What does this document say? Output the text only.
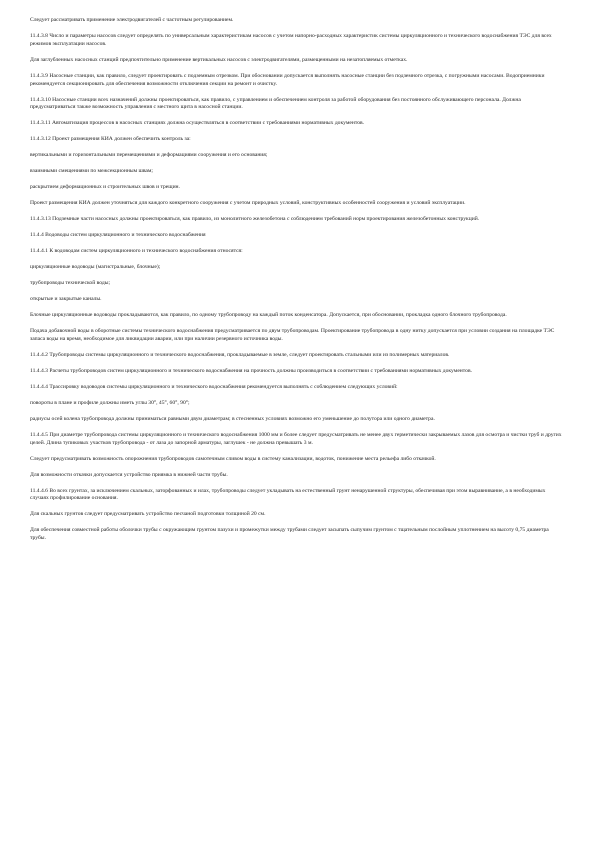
Следует рассматривать применение электродвигателей с частотным регулированием.

11.4.3.8 Число и параметры насосов следует определять по универсальным характеристикам насосов с учетом напорно-расходных характеристик системы циркуляционного и технического водоснабжения ТЭС для всех режимов эксплуатации насосов.

Для заглубленных насосных станций предпочтительно применение вертикальных насосов с электродвигателями, размещенными на незатопляемых отметках.

11.4.3.9 Насосные станции, как правило, следует проектировать с подземным отрезком. При обосновании допускается выполнять насосные станции без подземного отрезка, с погружными насосами. Водоприемники рекомендуется секционировать для обеспечения возможности отключения секции на ремонт и очистку.

11.4.3.10 Насосные станции всех назначений должны проектироваться, как правило, с управлением и обеспечением контроля за работой оборудования без постоянного обслуживающего персонала. Должна предусматриваться также возможность управления с местного щита в насосной станции.

11.4.3.11 Автоматизация процессов в насосных станциях должна осуществляться в соответствии с требованиями нормативных документов.

11.4.3.12 Проект размещения КИА должен обеспечить контроль за:

вертикальными и горизонтальными перемещениями и деформациями сооружения и его основания;

взаимными смещениями по межсекционным швам;

раскрытием деформационных и строительных швов и трещин.

Проект размещения КИА должен уточняться для каждого конкретного сооружения с учетом природных условий, конструктивных особенностей сооружения и условий эксплуатации.

11.4.3.13 Подземные части насосных должны проектироваться, как правило, из монолитного железобетона с соблюдением требований норм проектирования железобетонных конструкций.

11.4.4 Водоводы систем циркуляционного и технического водоснабжения

11.4.4.1 К водоводам систем циркуляционного и технического водоснабжения относятся:

циркуляционные водоводы (магистральные, блочные);

трубопроводы технической воды;

открытые и закрытые каналы.

Блочные циркуляционные водоводы прокладываются, как правило, по одному трубопроводу на каждый поток конденсатора. Допускается, при обосновании, прокладка одного блочного трубопровода.

Подача добавочной воды в оборотные системы технического водоснабжения предусматривается по двум трубопроводам. Проектирование трубопровода в одну нитку допускается при условии создания на площадке ТЭС запаса воды на время, необходимое для ликвидации аварии, или при наличии резервного источника воды.

11.4.4.2 Трубопроводы системы циркуляционного и технического водоснабжения, прокладываемые в земле, следует проектировать стальными или из полимерных материалов.

11.4.4.3 Расчеты трубопроводов систем циркуляционного и технического водоснабжения на прочность должны производиться в соответствии с требованиями нормативных документов.

11.4.4.4 Трассировку водоводов системы циркуляционного и технического водоснабжения рекомендуется выполнять с соблюдением следующих условий:

повороты в плане и профиле должны иметь углы 30°, 45°, 60°, 90°;

радиусы осей колена трубопровода должны приниматься равными двум диаметрам; в стесненных условиях возможно его уменьшение до полутора или одного диаметра.

11.4.4.5 При диаметре трубопровода системы циркуляционного и технического водоснабжения 1000 мм и более следует предусматривать не менее двух герметически закрываемых лазов для осмотра и чистки труб и других целей. Длина тупиковых участков трубопровода - от лаза до запорной арматуры, заглушек - не должна превышать 3 м.

Следует предусматривать возможность опорожнения трубопроводов самотечным сливом воды в систему канализации, водоток, понижение места рельефа либо откачкой.

Для возможности откачки допускается устройство приямка в нижней части трубы.

11.4.4.6 Во всех грунтах, за исключением скальных, заторфованных и илах, трубопроводы следует укладывать на естественный грунт ненарушенной структуры, обеспечивая при этом выравнивание, а в необходимых случаях профилирование основания.

Для скальных грунтов следует предусматривать устройство песчаной подготовки толщиной 20 см.

Для обеспечения совместной работы оболочки трубы с окружающим грунтом пазухи и промежутки между трубами следует засыпать сыпучим грунтом с тщательным послойным уплотнением на высоту 0,75 диаметра трубы.
